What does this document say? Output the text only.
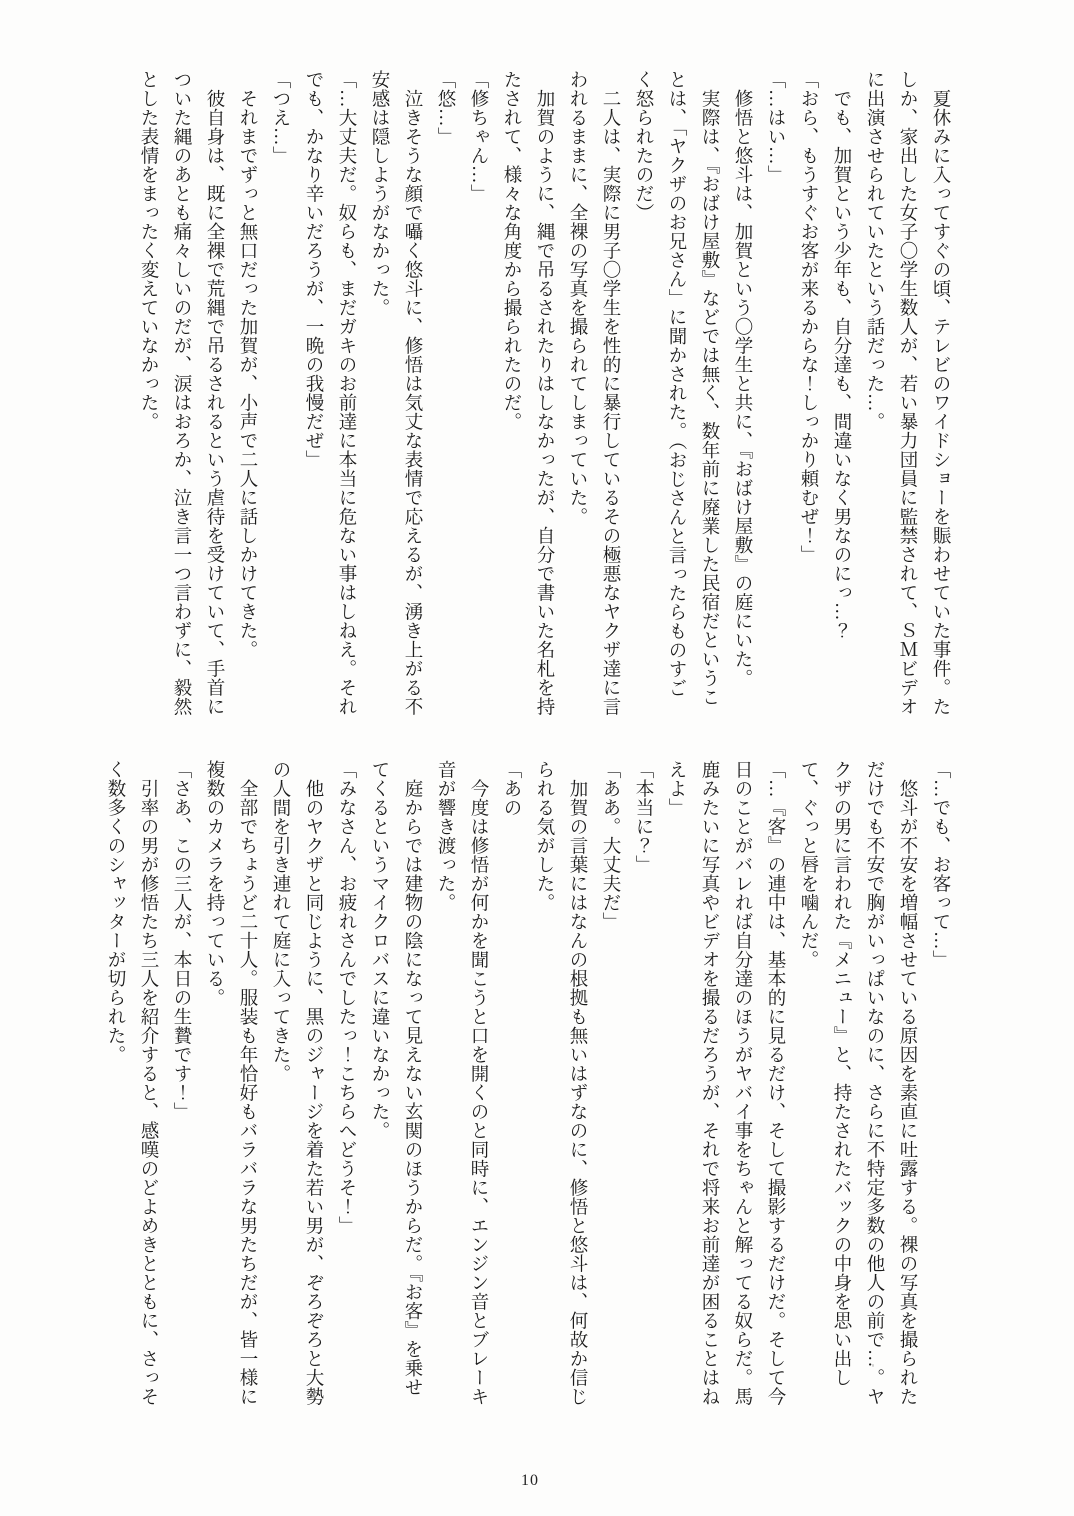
　夏休みに入ってすぐの頃、テレビのワイドショーを賑わせていた事件。た
しか、家出した女子〇学生数人が、若い暴力団員に監禁されて、ＳＭビデオ
に出演させられていたという話だった…。
　でも、加賀という少年も、自分達も、間違いなく男なのにっ…？
「おら、もうすぐお客が来るからな！しっかり頼むぜ！」
「…はい…」
　修悟と悠斗は、加賀という〇学生と共に、『おばけ屋敷』の庭にいた。
　実際は、『おばけ屋敷』などでは無く、数年前に廃業した民宿だというこ
とは、「ヤクザのお兄さん」に聞かされた。（おじさんと言ったらものすご
く怒られたのだ）
　二人は、実際に男子〇学生を性的に暴行しているその極悪なヤクザ達に言
われるままに、全裸の写真を撮られてしまっていた。
　加賀のように、縄で吊るされたりはしなかったが、自分で書いた名札を持
たされて、様々な角度から撮られたのだ。
「修ちゃん…」
「悠…」
　泣きそうな顔で囁く悠斗に、修悟は気丈な表情で応えるが、湧き上がる不
安感は隠しようがなかった。
「…大丈夫だ。奴らも、まだガキのお前達に本当に危ない事はしねえ。それ
でも、かなり辛いだろうが、一晩の我慢だぜ」
「つえ…」
　それまでずっと無口だった加賀が、小声で二人に話しかけてきた。
　彼自身は、既に全裸で荒縄で吊るされるという虐待を受けていて、手首に
ついた縄のあとも痛々しいのだが、涙はおろか、泣き言一つ言わずに、毅然
とした表情をまったく変えていなかった。
「…でも、お客って…」
　悠斗が不安を増幅させている原因を素直に吐露する。裸の写真を撮られた
だけでも不安で胸がいっぱいなのに、さらに不特定多数の他人の前で…。ヤ
クザの男に言われた『メニュー』と、持たされたバックの中身を思い出し
て、ぐっと唇を噛んだ。
「…『客』の連中は、基本的に見るだけ、そして撮影するだけだ。そして今
日のことがバレれば自分達のほうがヤバイ事をちゃんと解ってる奴らだ。馬
鹿みたいに写真やビデオを撮るだろうが、それで将来お前達が困ることはね
えよ」
「本当に？」
「ああ。大丈夫だ」
　加賀の言葉にはなんの根拠も無いはずなのに、修悟と悠斗は、何故か信じ
られる気がした。
「あの
　今度は修悟が何かを聞こうと口を開くのと同時に、エンジン音とブレーキ
音が響き渡った。
　庭からでは建物の陰になって見えない玄関のほうからだ。『お客』を乗せ
てくるというマイクロバスに違いなかった。
「みなさん、お疲れさんでしたっ！こちらへどうそ！」
　他のヤクザと同じように、黒のジャージを着た若い男が、ぞろぞろと大勢
の人間を引き連れて庭に入ってきた。
　全部でちょうど二十人。服装も年恰好もバラバラな男たちだが、皆一様に
複数のカメラを持っている。
「さあ、この三人が、本日の生贄です！」
　引率の男が修悟たち三人を紹介すると、感嘆のどよめきとともに、さっそ
く数多くのシャッターが切られた。
10
